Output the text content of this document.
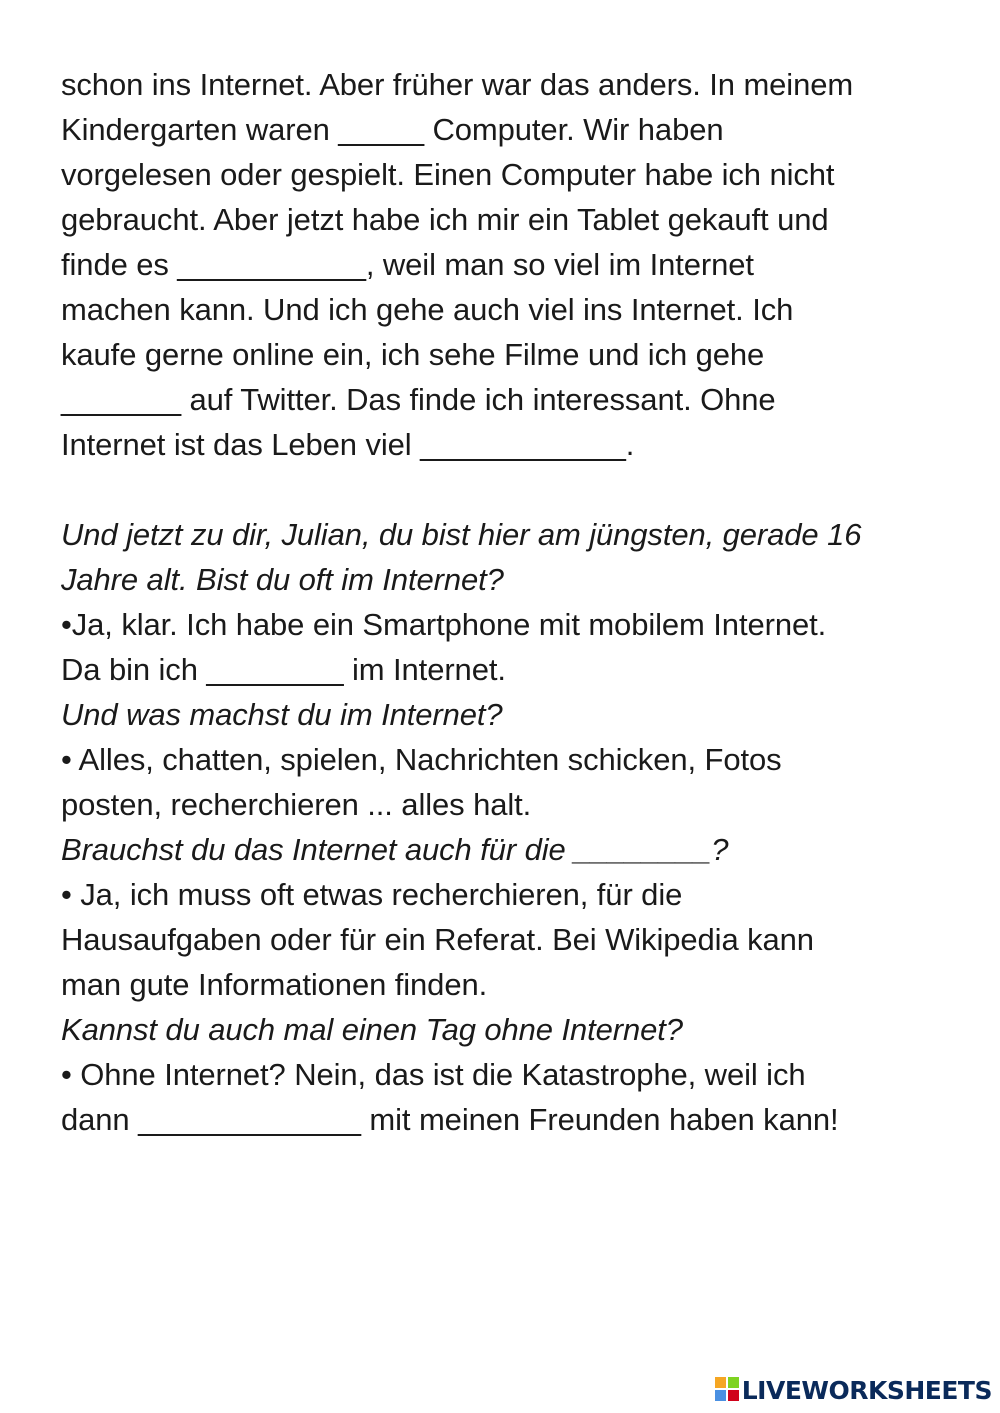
schon ins Internet. Aber früher war das anders. In meinem
Kindergarten waren _____ Computer. Wir haben
vorgelesen oder gespielt. Einen Computer habe ich nicht
gebraucht. Aber jetzt habe ich mir ein Tablet gekauft und
finde es ___________, weil man so viel im Internet
machen kann. Und ich gehe auch viel ins Internet. Ich
kaufe gerne online ein, ich sehe Filme und ich gehe
_______ auf Twitter. Das finde ich interessant. Ohne
Internet ist das Leben viel ____________.
Und jetzt zu dir, Julian, du bist hier am jüngsten, gerade 16
Jahre alt. Bist du oft im Internet?
•Ja, klar. Ich habe ein Smartphone mit mobilem Internet.
Da bin ich ________ im Internet.
Und was machst du im Internet?
• Alles, chatten, spielen, Nachrichten schicken, Fotos
posten, recherchieren ... alles halt.
Brauchst du das Internet auch für die ________?
• Ja, ich muss oft etwas recherchieren, für die
Hausaufgaben oder für ein Referat. Bei Wikipedia kann
man gute Informationen finden.
Kannst du auch mal einen Tag ohne Internet?
• Ohne Internet? Nein, das ist die Katastrophe, weil ich
dann _____________ mit meinen Freunden haben kann!
LIVEWORKSHEETS
